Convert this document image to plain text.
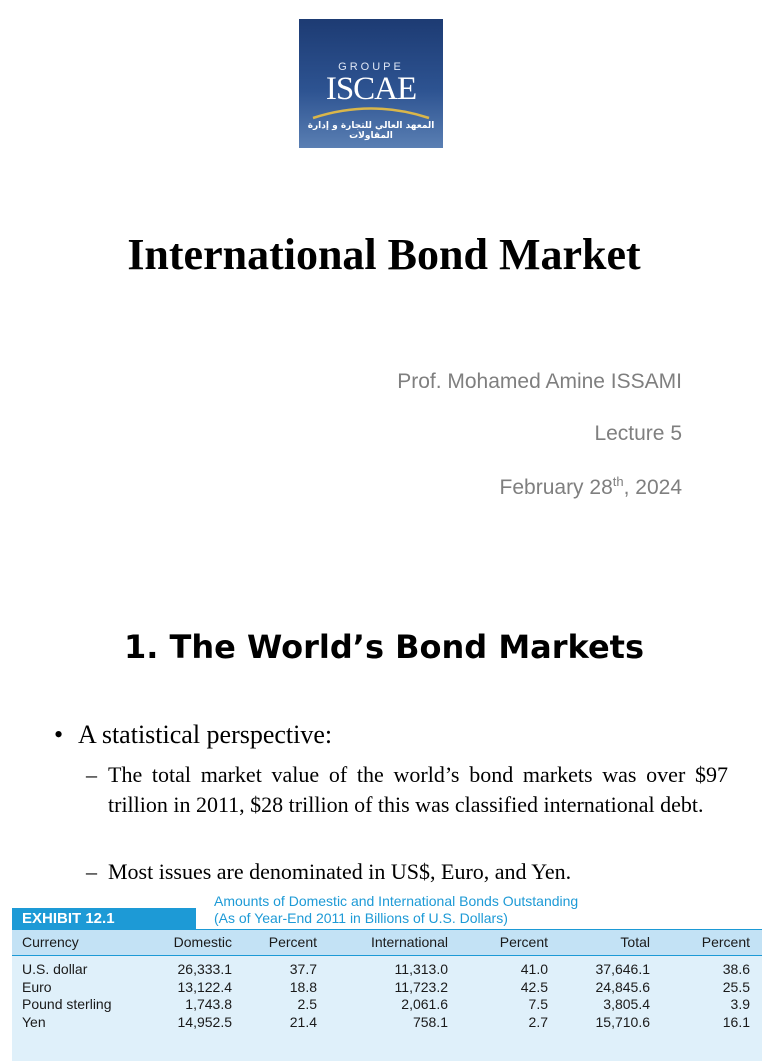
GROUPE
ISCAE
المعهد العالي للتجارة و إدارة المقاولات
International Bond Market
Prof. Mohamed Amine ISSAMI
Lecture 5
February 28th, 2024
1. The World’s Bond Markets
• A statistical perspective:
– The total market value of the world’s bond markets was over $97 trillion in 2011, $28 trillion of this was classified international debt.
– Most issues are denominated in US$, Euro, and Yen.
EXHIBIT 12.1
Amounts of Domestic and International Bonds Outstanding
(As of Year-End 2011 in Billions of U.S. Dollars)
Currency	Domestic	Percent	International	Percent	Total	Percent
U.S. dollar	26,333.1	37.7	11,313.0	41.0	37,646.1	38.6
Euro	13,122.4	18.8	11,723.2	42.5	24,845.6	25.5
Pound sterling	1,743.8	2.5	2,061.6	7.5	3,805.4	3.9
Yen	14,952.5	21.4	758.1	2.7	15,710.6	16.1
